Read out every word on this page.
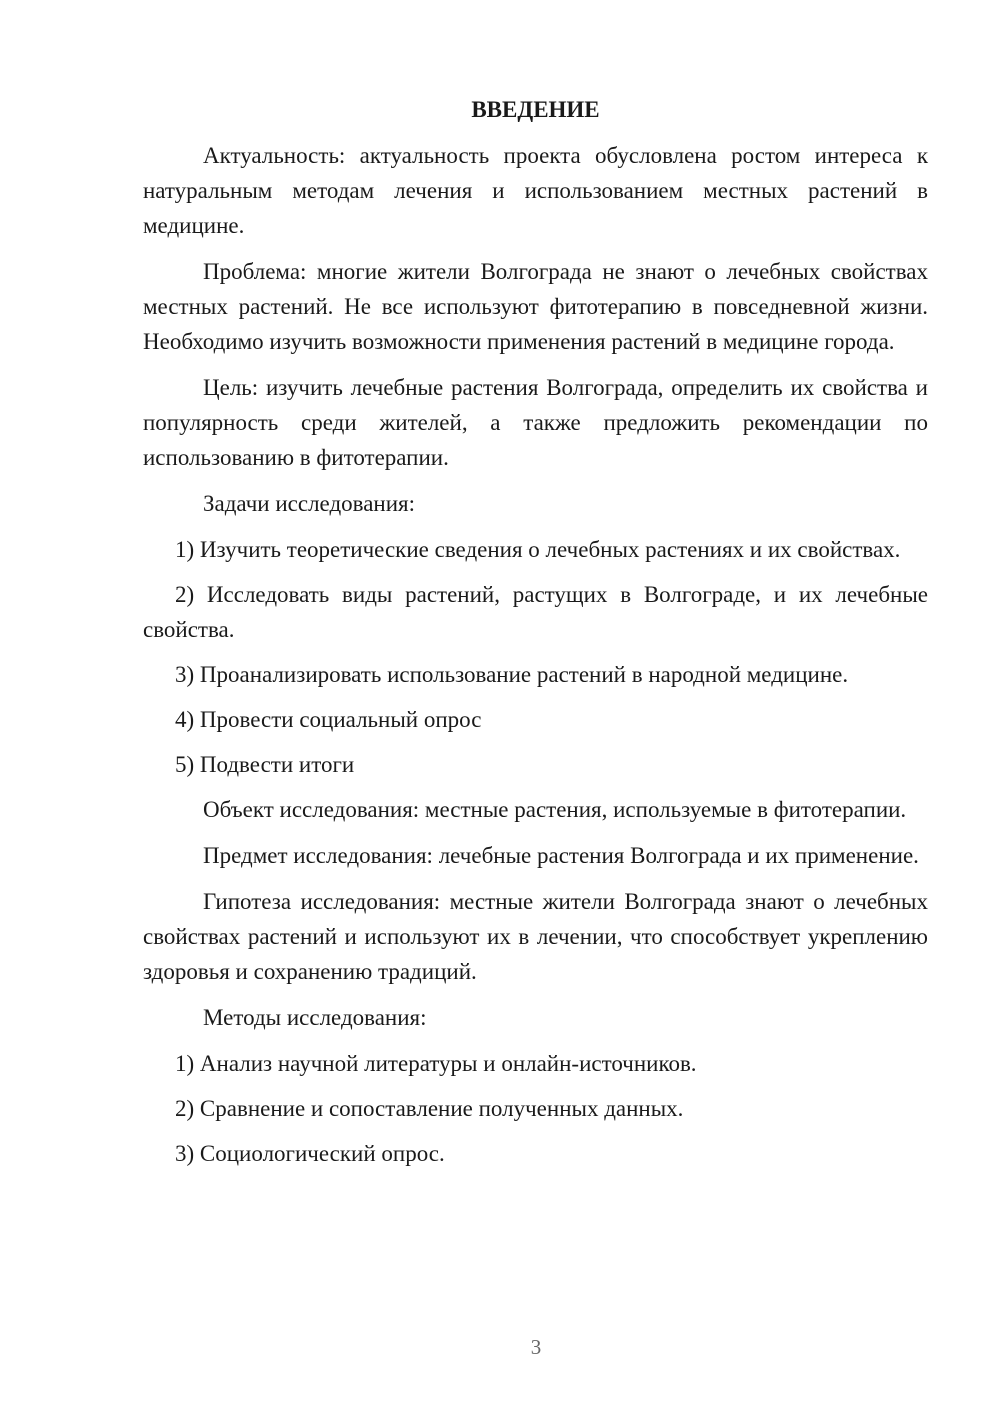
ВВЕДЕНИЕ

Актуальность: актуальность проекта обусловлена ростом интереса к натуральным методам лечения и использованием местных растений в медицине.

Проблема: многие жители Волгограда не знают о лечебных свойствах местных растений. Не все используют фитотерапию в повседневной жизни. Необходимо изучить возможности применения растений в медицине города.

Цель: изучить лечебные растения Волгограда, определить их свойства и популярность среди жителей, а также предложить рекомендации по использованию в фитотерапии.

Задачи исследования:

1) Изучить теоретические сведения о лечебных растениях и их свойствах.

2) Исследовать виды растений, растущих в Волгограде, и их лечебные свойства.

3) Проанализировать использование растений в народной медицине.

4) Провести социальный опрос

5) Подвести итоги

Объект исследования: местные растения, используемые в фитотерапии.

Предмет исследования: лечебные растения Волгограда и их применение.

Гипотеза исследования: местные жители Волгограда знают о лечебных свойствах растений и используют их в лечении, что способствует укреплению здоровья и сохранению традиций.

Методы исследования:

1) Анализ научной литературы и онлайн-источников.

2) Сравнение и сопоставление полученных данных.

3) Социологический опрос.

3
